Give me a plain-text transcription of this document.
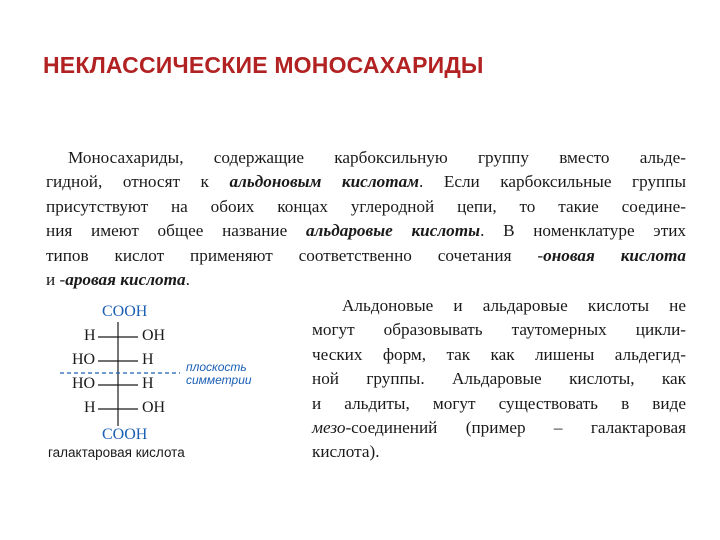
НЕКЛАССИЧЕСКИЕ МОНОСАХАРИДЫ
Моносахариды, содержащие карбоксильную группу вместо альде-
гидной, относят к альдоновым кислотам. Если карбоксильные группы
присутствуют на обоих концах углеродной цепи, то такие соедине-
ния имеют общее название альдаровые кислоты. В номенклатуре этих
типов кислот применяют соответственно сочетания -оновая кислота
и -аровая кислота.
Альдоновые и альдаровые кислоты не
могут образовывать таутомерных цикли-
ческих форм, так как лишены альдегид-
ной группы. Альдаровые кислоты, как
и альдиты, могут существовать в виде
мезо-соединений (пример – галактаровая
кислота).
COOH
H	OH
HO	H
HO	H
H	OH
COOH
плоскость
симметрии
галактаровая кислота
